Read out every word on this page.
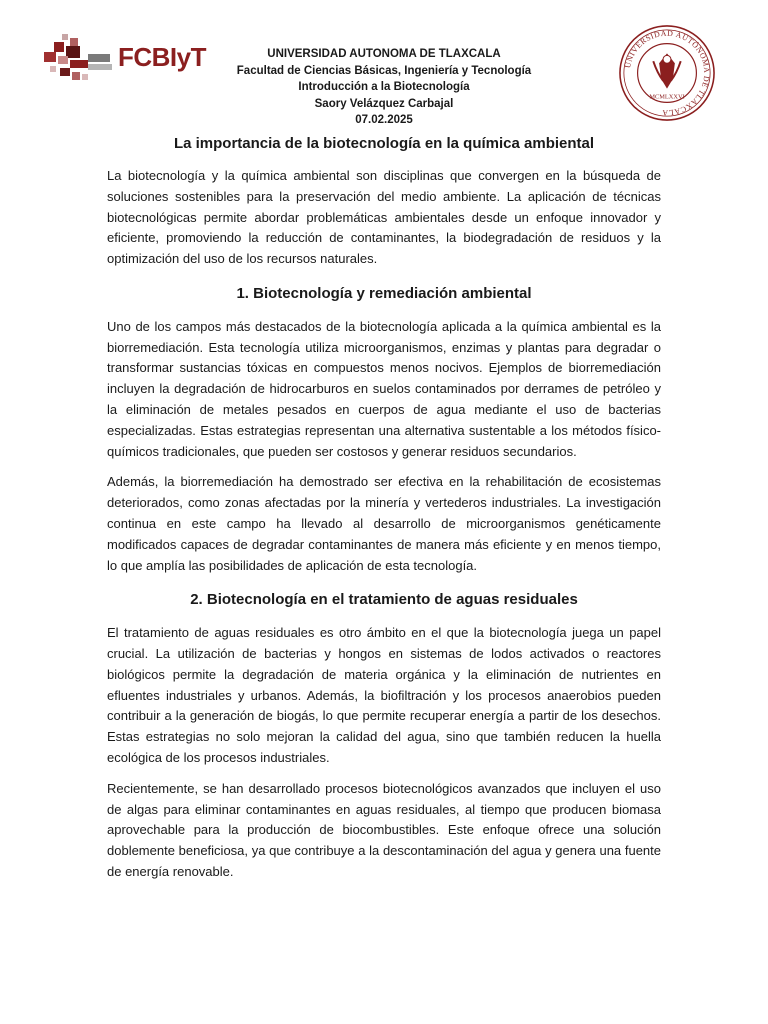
FCBIyT	UNIVERSIDAD AUTONOMA DE TLAXCALA
Facultad de Ciencias Básicas, Ingeniería y Tecnología
Introducción a la Biotecnología
Saory Velázquez Carbajal
07.02.2025
UNIVERSIDAD AUTÓNOMA DE TLAXCALA
MCMLXXVI
La importancia de la biotecnología en la química ambiental

La biotecnología y la química ambiental son disciplinas que convergen en la búsqueda de soluciones sostenibles para la preservación del medio ambiente. La aplicación de técnicas biotecnológicas permite abordar problemáticas ambientales desde un enfoque innovador y eficiente, promoviendo la reducción de contaminantes, la biodegradación de residuos y la optimización del uso de los recursos naturales.

1. Biotecnología y remediación ambiental

Uno de los campos más destacados de la biotecnología aplicada a la química ambiental es la biorremediación. Esta tecnología utiliza microorganismos, enzimas y plantas para degradar o transformar sustancias tóxicas en compuestos menos nocivos. Ejemplos de biorremediación incluyen la degradación de hidrocarburos en suelos contaminados por derrames de petróleo y la eliminación de metales pesados en cuerpos de agua mediante el uso de bacterias especializadas. Estas estrategias representan una alternativa sustentable a los métodos físico-químicos tradicionales, que pueden ser costosos y generar residuos secundarios.

Además, la biorremediación ha demostrado ser efectiva en la rehabilitación de ecosistemas deteriorados, como zonas afectadas por la minería y vertederos industriales. La investigación continua en este campo ha llevado al desarrollo de microorganismos genéticamente modificados capaces de degradar contaminantes de manera más eficiente y en menos tiempo, lo que amplía las posibilidades de aplicación de esta tecnología.

2. Biotecnología en el tratamiento de aguas residuales

El tratamiento de aguas residuales es otro ámbito en el que la biotecnología juega un papel crucial. La utilización de bacterias y hongos en sistemas de lodos activados o reactores biológicos permite la degradación de materia orgánica y la eliminación de nutrientes en efluentes industriales y urbanos. Además, la biofiltración y los procesos anaerobios pueden contribuir a la generación de biogás, lo que permite recuperar energía a partir de los desechos. Estas estrategias no solo mejoran la calidad del agua, sino que también reducen la huella ecológica de los procesos industriales.

Recientemente, se han desarrollado procesos biotecnológicos avanzados que incluyen el uso de algas para eliminar contaminantes en aguas residuales, al tiempo que producen biomasa aprovechable para la producción de biocombustibles. Este enfoque ofrece una solución doblemente beneficiosa, ya que contribuye a la descontaminación del agua y genera una fuente de energía renovable.
